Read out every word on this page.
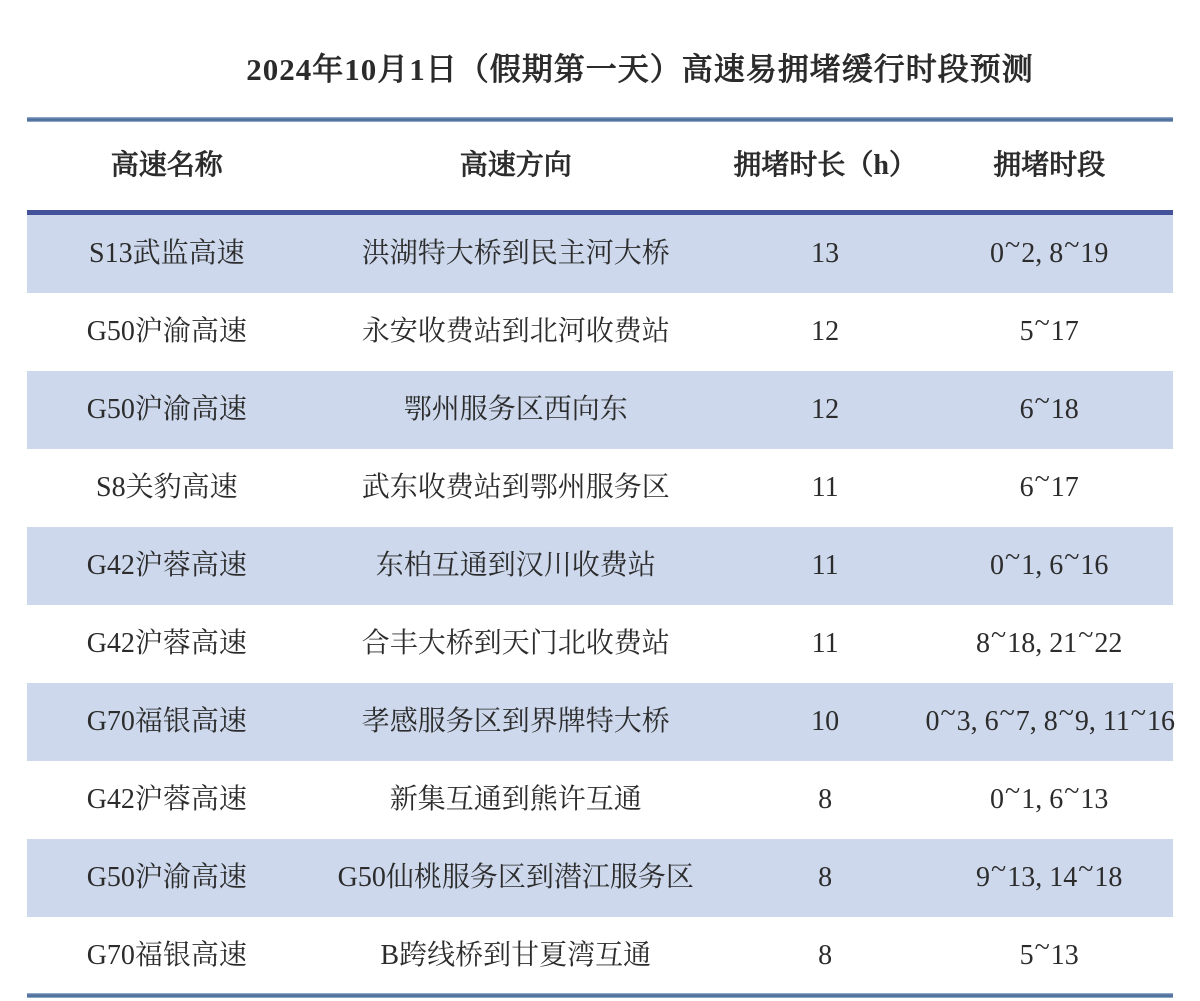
2024年10月1日（假期第一天）高速易拥堵缓行时段预测
高速名称	高速方向	拥堵时长（h）	拥堵时段
S13武监高速	洪湖特大桥到民主河大桥	13	0~2, 8~19
G50沪渝高速	永安收费站到北河收费站	12	5~17
G50沪渝高速	鄂州服务区西向东	12	6~18
S8关豹高速	武东收费站到鄂州服务区	11	6~17
G42沪蓉高速	东柏互通到汉川收费站	11	0~1, 6~16
G42沪蓉高速	合丰大桥到天门北收费站	11	8~18, 21~22
G70福银高速	孝感服务区到界牌特大桥	10	0~3, 6~7, 8~9, 11~16
G42沪蓉高速	新集互通到熊许互通	8	0~1, 6~13
G50沪渝高速	G50仙桃服务区到潜江服务区	8	9~13, 14~18
G70福银高速	B跨线桥到甘夏湾互通	8	5~13
